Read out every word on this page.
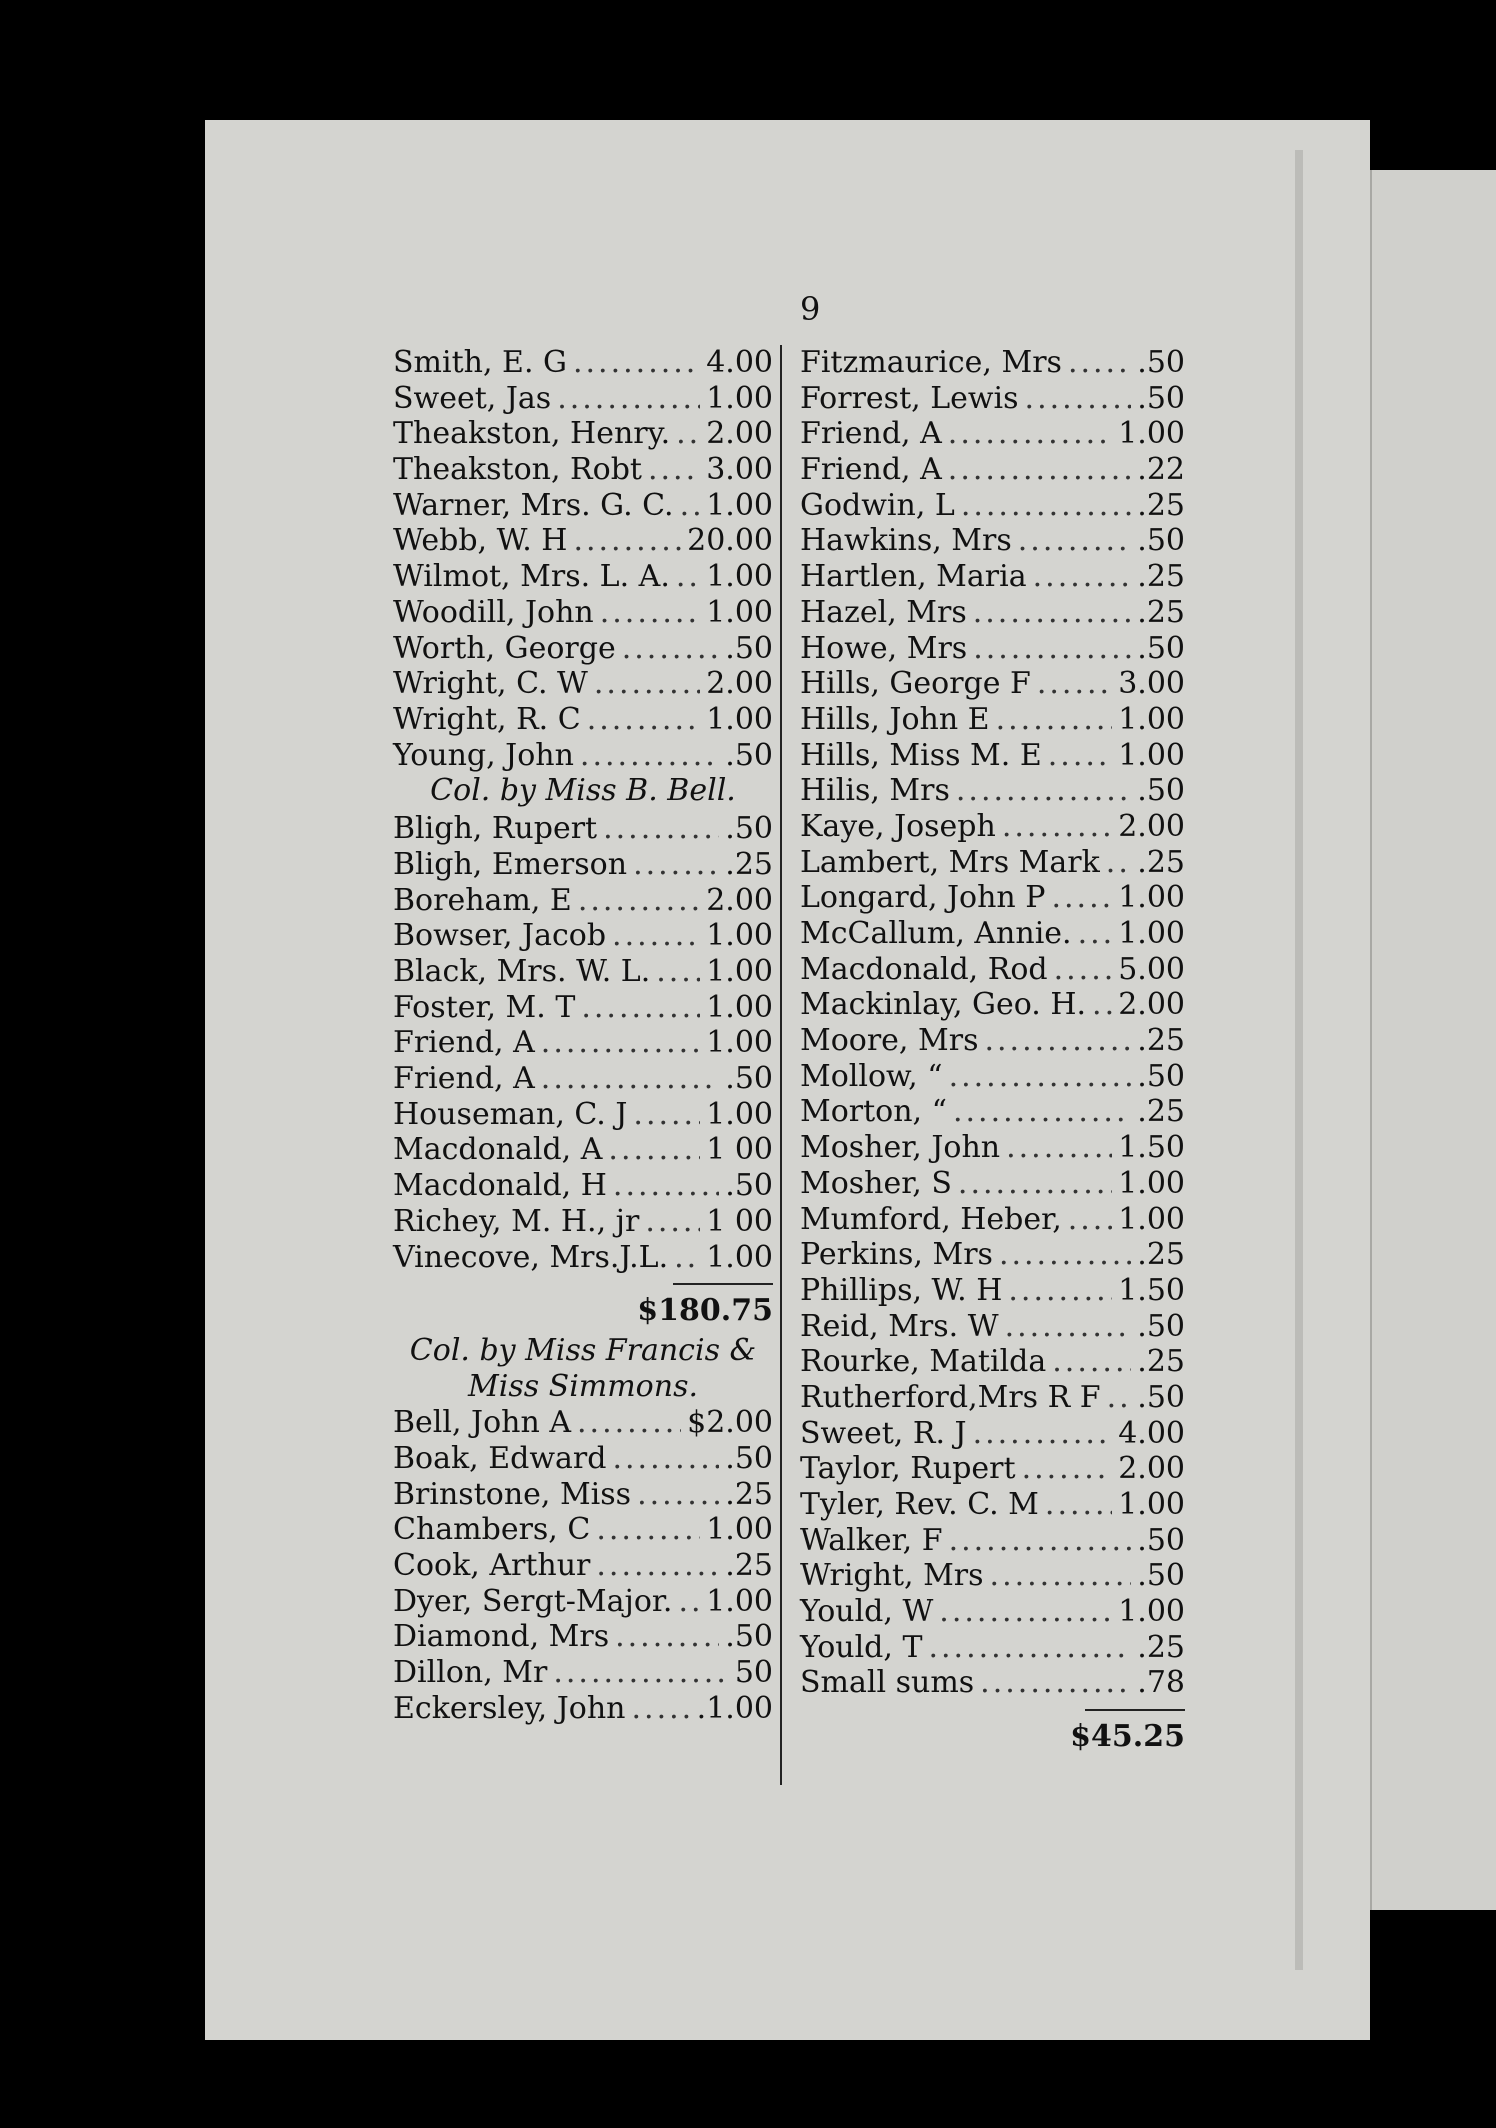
9
Smith, E. G .....	4.00
Sweet, Jas .....	1.00
Theakston, Henry. ..... 2.00
Theakston, Robt ..... 3.00
Warner, Mrs. G. C. ..... 1.00
Webb, W. H .....	20.00
Wilmot, Mrs. L. A. ..... 1.00
Woodill, John .....	1.00
Worth, George .....	.50
Wright, C. W .....	2.00
Wright, R. C .....	1.00
Young, John .....	.50
Col. by Miss B. Bell.
Bligh, Rupert .....	.50
Bligh, Emerson .....	.25
Boreham, E .....	2.00
Bowser, Jacob .....	1.00
Black, Mrs. W. L. ..... 1.00
Foster, M. T .....	1.00
Friend, A .....	1.00
Friend, A .....	.50
Houseman, C. J .....	1.00
Macdonald, A .....	1 00
Macdonald, H .....	.50
Richey, M. H., jr ..... 1 00
Vinecove, Mrs.J.L. ..... 1.00
$180.75
Col. by Miss Francis &
Miss Simmons.
Bell, John A .....	$2.00
Boak, Edward .....	.50
Brinstone, Miss .....	.25
Chambers, C .....	1.00
Cook, Arthur .....	.25
Dyer, Sergt-Major. ..... 1.00
Diamond, Mrs .....	.50
Dillon, Mr .....	50
Eckersley, John ..... .1.00
Fitzmaurice, Mrs .....	.50
Forrest, Lewis .....	.50
Friend, A .....	1.00
Friend, A .....	.22
Godwin, L .....	.25
Hawkins, Mrs .....	.50
Hartlen, Maria .....	.25
Hazel, Mrs .....	.25
Howe, Mrs .....	.50
Hills, George F .....	3.00
Hills, John E .....	1.00
Hills, Miss M. E .....	1.00
Hilis, Mrs .....	.50
Kaye, Joseph .....	2.00
Lambert, Mrs Mark ..... .25
Longard, John P ..... 1.00
McCallum, Annie. ..... 1.00
Macdonald, Rod ..... 5.00
Mackinlay, Geo. H. ..... 2.00
Moore, Mrs .....	.25
Mollow, “ .....	.50
Morton, “ .....	.25
Mosher, John .....	1.50
Mosher, S .....	1.00
Mumford, Heber, ..... 1.00
Perkins, Mrs .....	.25
Phillips, W. H .....	1.50
Reid, Mrs. W .....	.50
Rourke, Matilda .....	.25
Rutherford,Mrs R F ..... .50
Sweet, R. J .....	4.00
Taylor, Rupert .....	2.00
Tyler, Rev. C. M .....	1.00
Walker, F .....	.50
Wright, Mrs .....	.50
Yould, W .....	1.00
Yould, T .....	.25
Small sums .....	.78
$45.25
